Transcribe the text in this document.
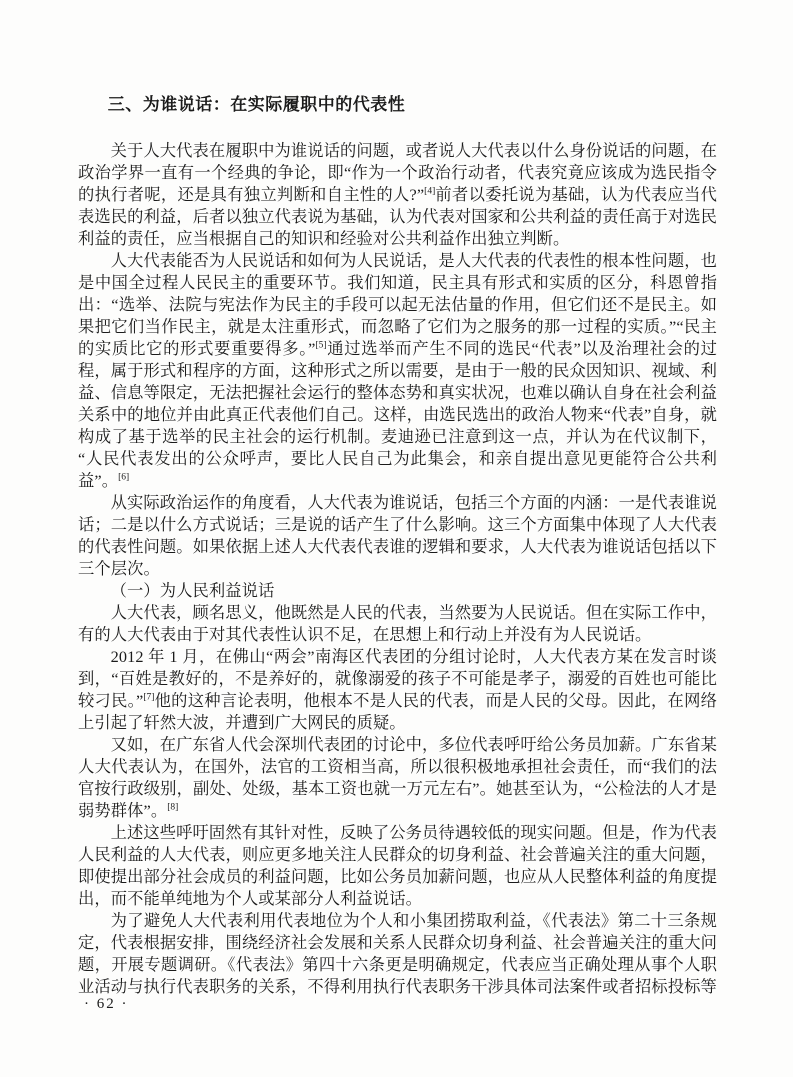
三、为谁说话：在实际履职中的代表性

关于人大代表在履职中为谁说话的问题，或者说人大代表以什么身份说话的问题，在政治学界一直有一个经典的争论，即“作为一个政治行动者，代表究竟应该成为选民指令的执行者呢，还是具有独立判断和自主性的人?”[4]前者以委托说为基础，认为代表应当代表选民的利益，后者以独立代表说为基础，认为代表对国家和公共利益的责任高于对选民利益的责任，应当根据自己的知识和经验对公共利益作出独立判断。

人大代表能否为人民说话和如何为人民说话，是人大代表的代表性的根本性问题，也是中国全过程人民民主的重要环节。我们知道，民主具有形式和实质的区分，科恩曾指出：“选举、法院与宪法作为民主的手段可以起无法估量的作用，但它们还不是民主。如果把它们当作民主，就是太注重形式，而忽略了它们为之服务的那一过程的实质。”“民主的实质比它的形式要重要得多。”[5]通过选举而产生不同的选民“代表”以及治理社会的过程，属于形式和程序的方面，这种形式之所以需要，是由于一般的民众因知识、视域、利益、信息等限定，无法把握社会运行的整体态势和真实状况，也难以确认自身在社会利益关系中的地位并由此真正代表他们自己。这样，由选民选出的政治人物来“代表”自身，就构成了基于选举的民主社会的运行机制。麦迪逊已注意到这一点，并认为在代议制下，“人民代表发出的公众呼声，要比人民自己为此集会，和亲自提出意见更能符合公共利益”。[6]

从实际政治运作的角度看，人大代表为谁说话，包括三个方面的内涵：一是代表谁说话；二是以什么方式说话；三是说的话产生了什么影响。这三个方面集中体现了人大代表的代表性问题。如果依据上述人大代表代表谁的逻辑和要求，人大代表为谁说话包括以下三个层次。

（一）为人民利益说话

人大代表，顾名思义，他既然是人民的代表，当然要为人民说话。但在实际工作中，有的人大代表由于对其代表性认识不足，在思想上和行动上并没有为人民说话。

2012 年 1 月，在佛山“两会”南海区代表团的分组讨论时，人大代表方某在发言时谈到，“百姓是教好的，不是养好的，就像溺爱的孩子不可能是孝子，溺爱的百姓也可能比较刁民。”[7]他的这种言论表明，他根本不是人民的代表，而是人民的父母。因此，在网络上引起了轩然大波，并遭到广大网民的质疑。

又如，在广东省人代会深圳代表团的讨论中，多位代表呼吁给公务员加薪。广东省某人大代表认为，在国外，法官的工资相当高，所以很积极地承担社会责任，而“我们的法官按行政级别，副处、处级，基本工资也就一万元左右”。她甚至认为，“公检法的人才是弱势群体”。[8]

上述这些呼吁固然有其针对性，反映了公务员待遇较低的现实问题。但是，作为代表人民利益的人大代表，则应更多地关注人民群众的切身利益、社会普遍关注的重大问题，即使提出部分社会成员的利益问题，比如公务员加薪问题，也应从人民整体利益的角度提出，而不能单纯地为个人或某部分人利益说话。

为了避免人大代表利用代表地位为个人和小集团捞取利益，《代表法》第二十三条规定，代表根据安排，围绕经济社会发展和关系人民群众切身利益、社会普遍关注的重大问题，开展专题调研。《代表法》第四十六条更是明确规定，代表应当正确处理从事个人职业活动与执行代表职务的关系，不得利用执行代表职务干涉具体司法案件或者招标投标等

· 62 ·
